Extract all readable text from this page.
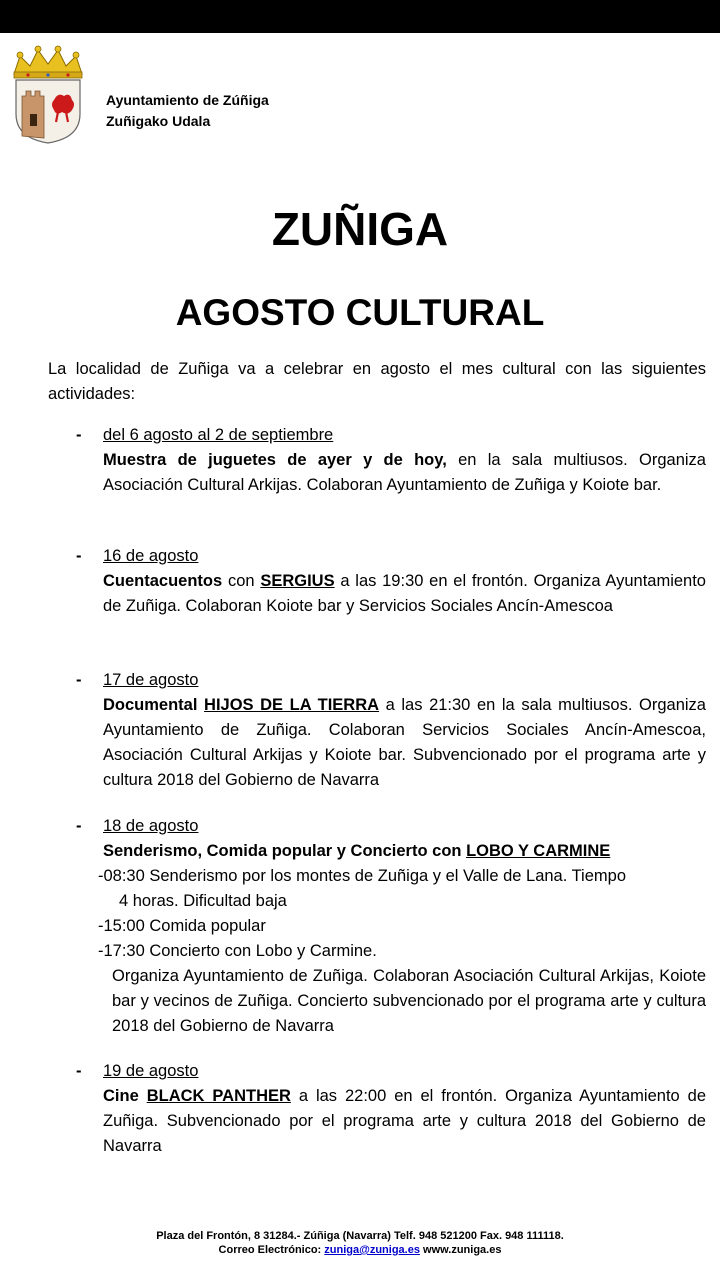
Ayuntamiento de Zúñiga
Zuñigako Udala
ZUÑIGA
AGOSTO CULTURAL
La localidad de Zuñiga va a celebrar en agosto el mes cultural con las siguientes actividades:
- del 6 agosto al 2 de septiembre
Muestra de juguetes de ayer y de hoy, en la sala multiusos. Organiza Asociación Cultural Arkijas. Colaboran Ayuntamiento de Zuñiga y Koiote bar.
- 16 de agosto
Cuentacuentos con SERGIUS a las 19:30 en el frontón. Organiza Ayuntamiento de Zuñiga. Colaboran Koiote bar y Servicios Sociales Ancín-Amescoa
- 17 de agosto
Documental HIJOS DE LA TIERRA a las 21:30 en la sala multiusos. Organiza Ayuntamiento de Zuñiga. Colaboran Servicios Sociales Ancín-Amescoa, Asociación Cultural Arkijas y Koiote bar. Subvencionado por el programa arte y cultura 2018 del Gobierno de Navarra
- 18 de agosto
Senderismo, Comida popular y Concierto con LOBO Y CARMINE
-08:30 Senderismo por los montes de Zuñiga y el Valle de Lana. Tiempo
4 horas. Dificultad baja
-15:00 Comida popular
-17:30 Concierto con Lobo y Carmine.
Organiza Ayuntamiento de Zuñiga. Colaboran Asociación Cultural Arkijas, Koiote bar y vecinos de Zuñiga. Concierto subvencionado por el programa arte y cultura 2018 del Gobierno de Navarra
- 19 de agosto
Cine BLACK PANTHER a las 22:00 en el frontón. Organiza Ayuntamiento de Zuñiga. Subvencionado por el programa arte y cultura 2018 del Gobierno de Navarra
Plaza del Frontón, 8 31284.- Zúñiga (Navarra) Telf. 948 521200 Fax. 948 111118.
Correo Electrónico: zuniga@zuniga.es www.zuniga.es
